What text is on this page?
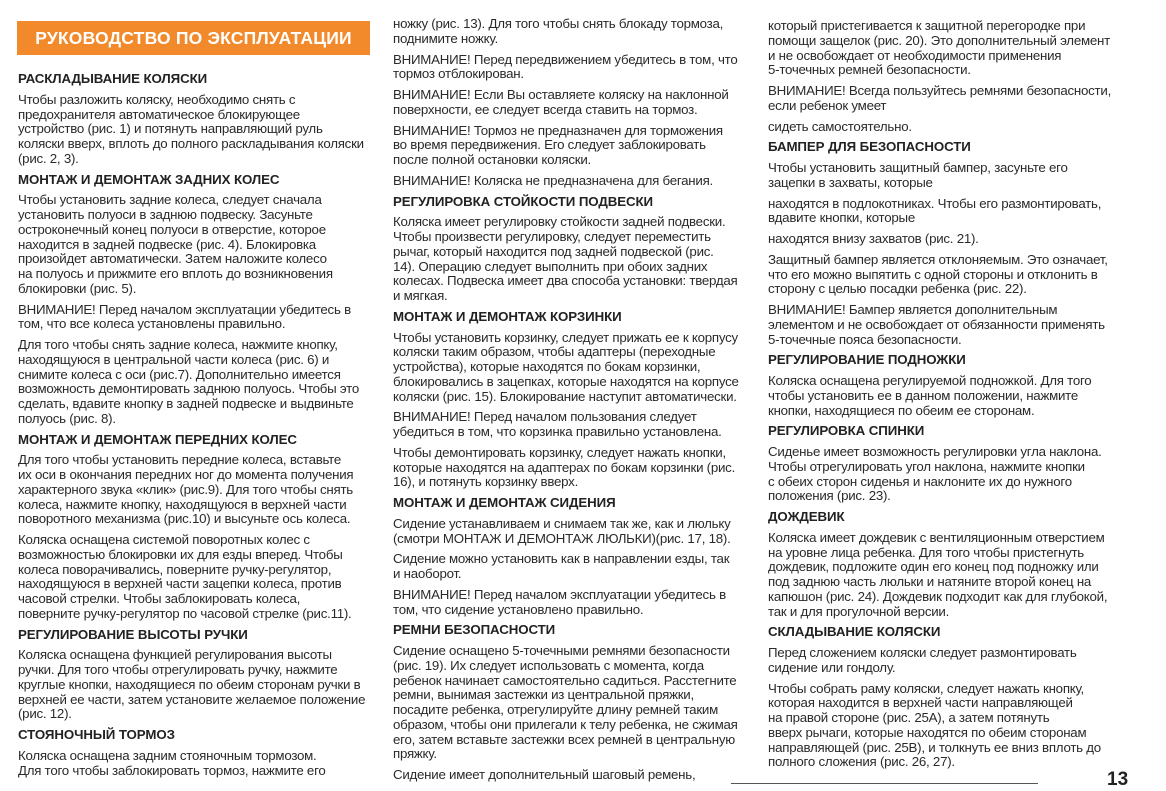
РУКОВОДСТВО ПО ЭКСПЛУАТАЦИИ
РАСКЛАДЫВАНИЕ КОЛЯСКИ
Чтобы разложить коляску, необходимо снять с
предохранителя автоматическое блокирующее
устройство (рис. 1) и потянуть направляющий руль
коляски вверх, вплоть до полного раскладывания коляски
(рис. 2, 3).
МОНТАЖ И ДЕМОНТАЖ ЗАДНИХ КОЛЕС
Чтобы установить задние колеса, следует сначала
установить полуоси в заднюю подвеску. Засуньте
остроконечный конец полуоси в отверстие, которое
находится в задней подвеске (рис. 4). Блокировка
произойдет автоматически. Затем наложите колесо
на полуось и прижмите его вплоть до возникновения
блокировки (рис. 5).
ВНИМАНИЕ! Перед началом эксплуатации убедитесь в
том, что все колеса установлены правильно.
Для того чтобы снять задние колеса, нажмите кнопку,
находящуюся в центральной части колеса (рис. 6) и
снимите колеса с оси (рис.7). Дополнительно имеется
возможность демонтировать заднюю полуось. Чтобы это
сделать, вдавите кнопку в задней подвеске и выдвиньте
полуось (рис. 8).
МОНТАЖ И ДЕМОНТАЖ ПЕРЕДНИХ КОЛЕС
Для того чтобы установить передние колеса, вставьте
их оси в окончания передних ног до момента получения
характерного звука «клик» (рис.9). Для того чтобы снять
колеса, нажмите кнопку, находящуюся в верхней части
поворотного механизма (рис.10) и высуньте ось колеса.
Коляска оснащена системой поворотных колес с
возможностью блокировки их для езды вперед. Чтобы
колеса поворачивались, поверните ручку-регулятор,
находящуюся в верхней части зацепки колеса, против
часовой стрелки. Чтобы заблокировать колеса,
поверните ручку-регулятор по часовой стрелке (рис.11).
РЕГУЛИРОВАНИЕ ВЫСОТЫ РУЧКИ
Коляска оснащена функцией регулирования высоты
ручки. Для того чтобы отрегулировать ручку, нажмите
круглые кнопки, находящиеся по обеим сторонам ручки в
верхней ее части, затем установите желаемое положение
(рис. 12).
СТОЯНОЧНЫЙ ТОРМОЗ
Коляска оснащена задним стояночным тормозом.
Для того чтобы заблокировать тормоз, нажмите его
ножку (рис. 13). Для того чтобы снять блокаду тормоза,
поднимите ножку.
ВНИМАНИЕ! Перед передвижением убедитесь в том, что
тормоз отблокирован.
ВНИМАНИЕ! Если Вы оставляете коляску на наклонной
поверхности, ее следует всегда ставить на тормоз.
ВНИМАНИЕ! Тормоз не предназначен для торможения
во время передвижения. Его следует заблокировать
после полной остановки коляски.
ВНИМАНИЕ! Коляска не предназначена для бегания.
РЕГУЛИРОВКА СТОЙКОСТИ ПОДВЕСКИ
Коляска имеет регулировку стойкости задней подвески.
Чтобы произвести регулировку, следует переместить
рычаг, который находится под задней подвеской (рис.
14). Операцию следует выполнить при обоих задних
колесах. Подвеска имеет два способа установки: твердая
и мягкая.
МОНТАЖ И ДЕМОНТАЖ КОРЗИНКИ
Чтобы установить корзинку, следует прижать ее к корпусу
коляски таким образом, чтобы адаптеры (переходные
устройства), которые находятся по бокам корзинки,
блокировались в зацепках, которые находятся на корпусе
коляски (рис. 15). Блокирование наступит автоматически.
ВНИМАНИЕ! Перед началом пользования следует
убедиться в том, что корзинка правильно установлена.
Чтобы демонтировать корзинку, следует нажать кнопки,
которые находятся на адаптерах по бокам корзинки (рис.
16), и потянуть корзинку вверх.
МОНТАЖ И ДЕМОНТАЖ СИДЕНИЯ
Сидение устанавливаем и снимаем так же, как и люльку
(смотри МОНТАЖ И ДЕМОНТАЖ ЛЮЛЬКИ)(рис. 17, 18).
Сидение можно установить как в направлении езды, так
и наоборот.
ВНИМАНИЕ! Перед началом эксплуатации убедитесь в
том, что сидение установлено правильно.
РЕМНИ БЕЗОПАСНОСТИ
Сидение оснащено 5-точечными ремнями безопасности
(рис. 19). Их следует использовать с момента, когда
ребенок начинает самостоятельно садиться. Расстегните
ремни, вынимая застежки из центральной пряжки,
посадите ребенка, отрегулируйте длину ремней таким
образом, чтобы они прилегали к телу ребенка, не сжимая
его, затем вставьте застежки всех ремней в центральную
пряжку.
Сидение имеет дополнительный шаговый ремень,
который пристегивается к защитной перегородке при
помощи защелок (рис. 20). Это дополнительный элемент
и не освобождает от необходимости применения
5-точечных ремней безопасности.
ВНИМАНИЕ! Всегда пользуйтесь ремнями безопасности,
если ребенок умеет
сидеть самостоятельно.
БАМПЕР ДЛЯ БЕЗОПАСНОСТИ
Чтобы установить защитный бампер, засуньте его
зацепки в захваты, которые
находятся в подлокотниках. Чтобы его размонтировать,
вдавите кнопки, которые
находятся внизу захватов (рис. 21).
Защитный бампер является отклоняемым. Это означает,
что его можно выпятить с одной стороны и отклонить в
сторону с целью посадки ребенка (рис. 22).
ВНИМАНИЕ! Бампер является дополнительным
элементом и не освобождает от обязанности применять
5-точечные пояса безопасности.
РЕГУЛИРОВАНИЕ ПОДНОЖКИ
Коляска оснащена регулируемой подножкой. Для того
чтобы установить ее в данном положении, нажмите
кнопки, находящиеся по обеим ее сторонам.
РЕГУЛИРОВКА СПИНКИ
Сиденье имеет возможность регулировки угла наклона.
Чтобы отрегулировать угол наклона, нажмите кнопки
с обеих сторон сиденья и наклоните их до нужного
положения (рис. 23).
ДОЖДЕВИК
Коляска имеет дождевик с вентиляционным отверстием
на уровне лица ребенка. Для того чтобы пристегнуть
дождевик, подложите один его конец под подножку или
под заднюю часть люльки и натяните второй конец на
капюшон (рис. 24). Дождевик подходит как для глубокой,
так и для прогулочной версии.
СКЛАДЫВАНИЕ КОЛЯСКИ
Перед сложением коляски следует размонтировать
сидение или гондолу.
Чтобы собрать раму коляски, следует нажать кнопку,
которая находится в верхней части направляющей
на правой стороне (рис. 25А), а затем потянуть
вверх рычаги, которые находятся по обеим сторонам
направляющей (рис. 25В), и толкнуть ее вниз вплоть до
полного сложения (рис. 26, 27).
13
